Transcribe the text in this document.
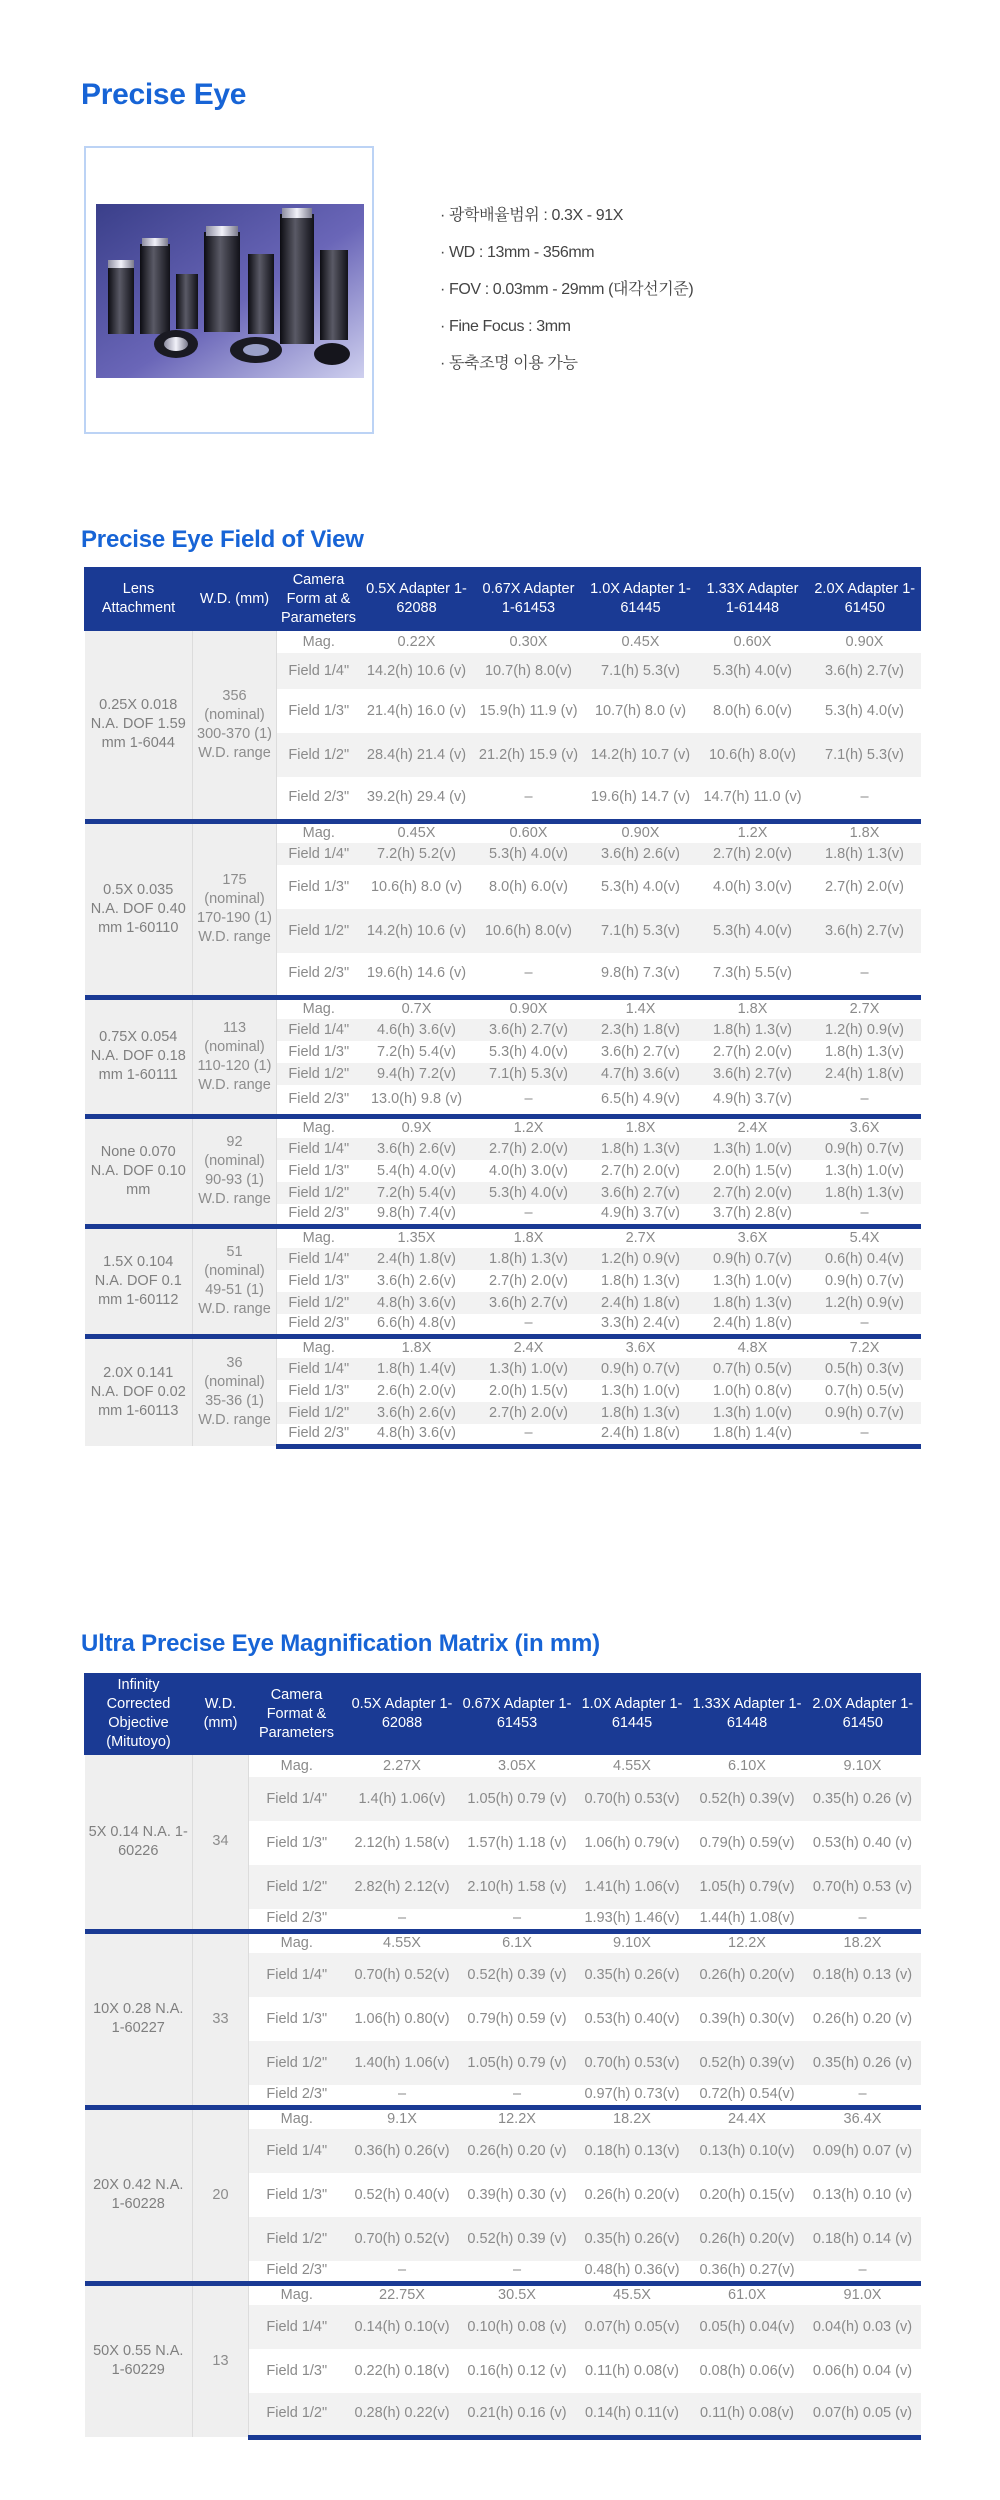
Precise Eye
· 광학배율범위 : 0.3X - 91X
· WD : 13mm - 356mm
· FOV : 0.03mm - 29mm (대각선기준)
· Fine Focus : 3mm
· 동축조명 이용 가능
Precise Eye Field of View
Lens Attachment	W.D. (mm)	Camera Form at & Parameters	0.5X Adapter 1-62088	0.67X Adapter 1-61453	1.0X Adapter 1-61445	1.33X Adapter 1-61448	2.0X Adapter 1-61450
0.25X 0.018 N.A. DOF 1.59 mm 1-6044	356 (nominal) 300-370 (1) W.D. range	Mag.	0.22X	0.30X	0.45X	0.60X	0.90X
		Field 1/4"	14.2(h) 10.6 (v)	10.7(h) 8.0(v)	7.1(h) 5.3(v)	5.3(h) 4.0(v)	3.6(h) 2.7(v)
		Field 1/3"	21.4(h) 16.0 (v)	15.9(h) 11.9 (v)	10.7(h) 8.0 (v)	8.0(h) 6.0(v)	5.3(h) 4.0(v)
		Field 1/2"	28.4(h) 21.4 (v)	21.2(h) 15.9 (v)	14.2(h) 10.7 (v)	10.6(h) 8.0(v)	7.1(h) 5.3(v)
		Field 2/3"	39.2(h) 29.4 (v)	–	19.6(h) 14.7 (v)	14.7(h) 11.0 (v)	–
0.5X 0.035 N.A. DOF 0.40 mm 1-60110	175 (nominal) 170-190 (1) W.D. range	Mag.	0.45X	0.60X	0.90X	1.2X	1.8X
		Field 1/4"	7.2(h) 5.2(v)	5.3(h) 4.0(v)	3.6(h) 2.6(v)	2.7(h) 2.0(v)	1.8(h) 1.3(v)
		Field 1/3"	10.6(h) 8.0 (v)	8.0(h) 6.0(v)	5.3(h) 4.0(v)	4.0(h) 3.0(v)	2.7(h) 2.0(v)
		Field 1/2"	14.2(h) 10.6 (v)	10.6(h) 8.0(v)	7.1(h) 5.3(v)	5.3(h) 4.0(v)	3.6(h) 2.7(v)
		Field 2/3"	19.6(h) 14.6 (v)	–	9.8(h) 7.3(v)	7.3(h) 5.5(v)	–
0.75X 0.054 N.A. DOF 0.18 mm 1-60111	113 (nominal) 110-120 (1) W.D. range	Mag.	0.7X	0.90X	1.4X	1.8X	2.7X
		Field 1/4"	4.6(h) 3.6(v)	3.6(h) 2.7(v)	2.3(h) 1.8(v)	1.8(h) 1.3(v)	1.2(h) 0.9(v)
		Field 1/3"	7.2(h) 5.4(v)	5.3(h) 4.0(v)	3.6(h) 2.7(v)	2.7(h) 2.0(v)	1.8(h) 1.3(v)
		Field 1/2"	9.4(h) 7.2(v)	7.1(h) 5.3(v)	4.7(h) 3.6(v)	3.6(h) 2.7(v)	2.4(h) 1.8(v)
		Field 2/3"	13.0(h) 9.8 (v)	–	6.5(h) 4.9(v)	4.9(h) 3.7(v)	–
None 0.070 N.A. DOF 0.10 mm	92 (nominal) 90-93 (1) W.D. range	Mag.	0.9X	1.2X	1.8X	2.4X	3.6X
		Field 1/4"	3.6(h) 2.6(v)	2.7(h) 2.0(v)	1.8(h) 1.3(v)	1.3(h) 1.0(v)	0.9(h) 0.7(v)
		Field 1/3"	5.4(h) 4.0(v)	4.0(h) 3.0(v)	2.7(h) 2.0(v)	2.0(h) 1.5(v)	1.3(h) 1.0(v)
		Field 1/2"	7.2(h) 5.4(v)	5.3(h) 4.0(v)	3.6(h) 2.7(v)	2.7(h) 2.0(v)	1.8(h) 1.3(v)
		Field 2/3"	9.8(h) 7.4(v)	–	4.9(h) 3.7(v)	3.7(h) 2.8(v)	–
1.5X 0.104 N.A. DOF 0.1 mm 1-60112	51 (nominal) 49-51 (1) W.D. range	Mag.	1.35X	1.8X	2.7X	3.6X	5.4X
		Field 1/4"	2.4(h) 1.8(v)	1.8(h) 1.3(v)	1.2(h) 0.9(v)	0.9(h) 0.7(v)	0.6(h) 0.4(v)
		Field 1/3"	3.6(h) 2.6(v)	2.7(h) 2.0(v)	1.8(h) 1.3(v)	1.3(h) 1.0(v)	0.9(h) 0.7(v)
		Field 1/2"	4.8(h) 3.6(v)	3.6(h) 2.7(v)	2.4(h) 1.8(v)	1.8(h) 1.3(v)	1.2(h) 0.9(v)
		Field 2/3"	6.6(h) 4.8(v)	–	3.3(h) 2.4(v)	2.4(h) 1.8(v)	–
2.0X 0.141 N.A. DOF 0.02 mm 1-60113	36 (nominal) 35-36 (1) W.D. range	Mag.	1.8X	2.4X	3.6X	4.8X	7.2X
		Field 1/4"	1.8(h) 1.4(v)	1.3(h) 1.0(v)	0.9(h) 0.7(v)	0.7(h) 0.5(v)	0.5(h) 0.3(v)
		Field 1/3"	2.6(h) 2.0(v)	2.0(h) 1.5(v)	1.3(h) 1.0(v)	1.0(h) 0.8(v)	0.7(h) 0.5(v)
		Field 1/2"	3.6(h) 2.6(v)	2.7(h) 2.0(v)	1.8(h) 1.3(v)	1.3(h) 1.0(v)	0.9(h) 0.7(v)
		Field 2/3"	4.8(h) 3.6(v)	–	2.4(h) 1.8(v)	1.8(h) 1.4(v)	–
Ultra Precise Eye Magnification Matrix (in mm)
Infinity Corrected Objective (Mitutoyo)	W.D. (mm)	Camera Format & Parameters	0.5X Adapter 1-62088	0.67X Adapter 1-61453	1.0X Adapter 1-61445	1.33X Adapter 1-61448	2.0X Adapter 1-61450
5X 0.14 N.A. 1-60226	34	Mag.	2.27X	3.05X	4.55X	6.10X	9.10X
		Field 1/4"	1.4(h) 1.06(v)	1.05(h) 0.79 (v)	0.70(h) 0.53(v)	0.52(h) 0.39(v)	0.35(h) 0.26 (v)
		Field 1/3"	2.12(h) 1.58(v)	1.57(h) 1.18 (v)	1.06(h) 0.79(v)	0.79(h) 0.59(v)	0.53(h) 0.40 (v)
		Field 1/2"	2.82(h) 2.12(v)	2.10(h) 1.58 (v)	1.41(h) 1.06(v)	1.05(h) 0.79(v)	0.70(h) 0.53 (v)
		Field 2/3"	–	–	1.93(h) 1.46(v)	1.44(h) 1.08(v)	–
10X 0.28 N.A. 1-60227	33	Mag.	4.55X	6.1X	9.10X	12.2X	18.2X
		Field 1/4"	0.70(h) 0.52(v)	0.52(h) 0.39 (v)	0.35(h) 0.26(v)	0.26(h) 0.20(v)	0.18(h) 0.13 (v)
		Field 1/3"	1.06(h) 0.80(v)	0.79(h) 0.59 (v)	0.53(h) 0.40(v)	0.39(h) 0.30(v)	0.26(h) 0.20 (v)
		Field 1/2"	1.40(h) 1.06(v)	1.05(h) 0.79 (v)	0.70(h) 0.53(v)	0.52(h) 0.39(v)	0.35(h) 0.26 (v)
		Field 2/3"	–	–	0.97(h) 0.73(v)	0.72(h) 0.54(v)	–
20X 0.42 N.A. 1-60228	20	Mag.	9.1X	12.2X	18.2X	24.4X	36.4X
		Field 1/4"	0.36(h) 0.26(v)	0.26(h) 0.20 (v)	0.18(h) 0.13(v)	0.13(h) 0.10(v)	0.09(h) 0.07 (v)
		Field 1/3"	0.52(h) 0.40(v)	0.39(h) 0.30 (v)	0.26(h) 0.20(v)	0.20(h) 0.15(v)	0.13(h) 0.10 (v)
		Field 1/2"	0.70(h) 0.52(v)	0.52(h) 0.39 (v)	0.35(h) 0.26(v)	0.26(h) 0.20(v)	0.18(h) 0.14 (v)
		Field 2/3"	–	–	0.48(h) 0.36(v)	0.36(h) 0.27(v)	–
50X 0.55 N.A. 1-60229	13	Mag.	22.75X	30.5X	45.5X	61.0X	91.0X
		Field 1/4"	0.14(h) 0.10(v)	0.10(h) 0.08 (v)	0.07(h) 0.05(v)	0.05(h) 0.04(v)	0.04(h) 0.03 (v)
		Field 1/3"	0.22(h) 0.18(v)	0.16(h) 0.12 (v)	0.11(h) 0.08(v)	0.08(h) 0.06(v)	0.06(h) 0.04 (v)
		Field 1/2"	0.28(h) 0.22(v)	0.21(h) 0.16 (v)	0.14(h) 0.11(v)	0.11(h) 0.08(v)	0.07(h) 0.05 (v)
